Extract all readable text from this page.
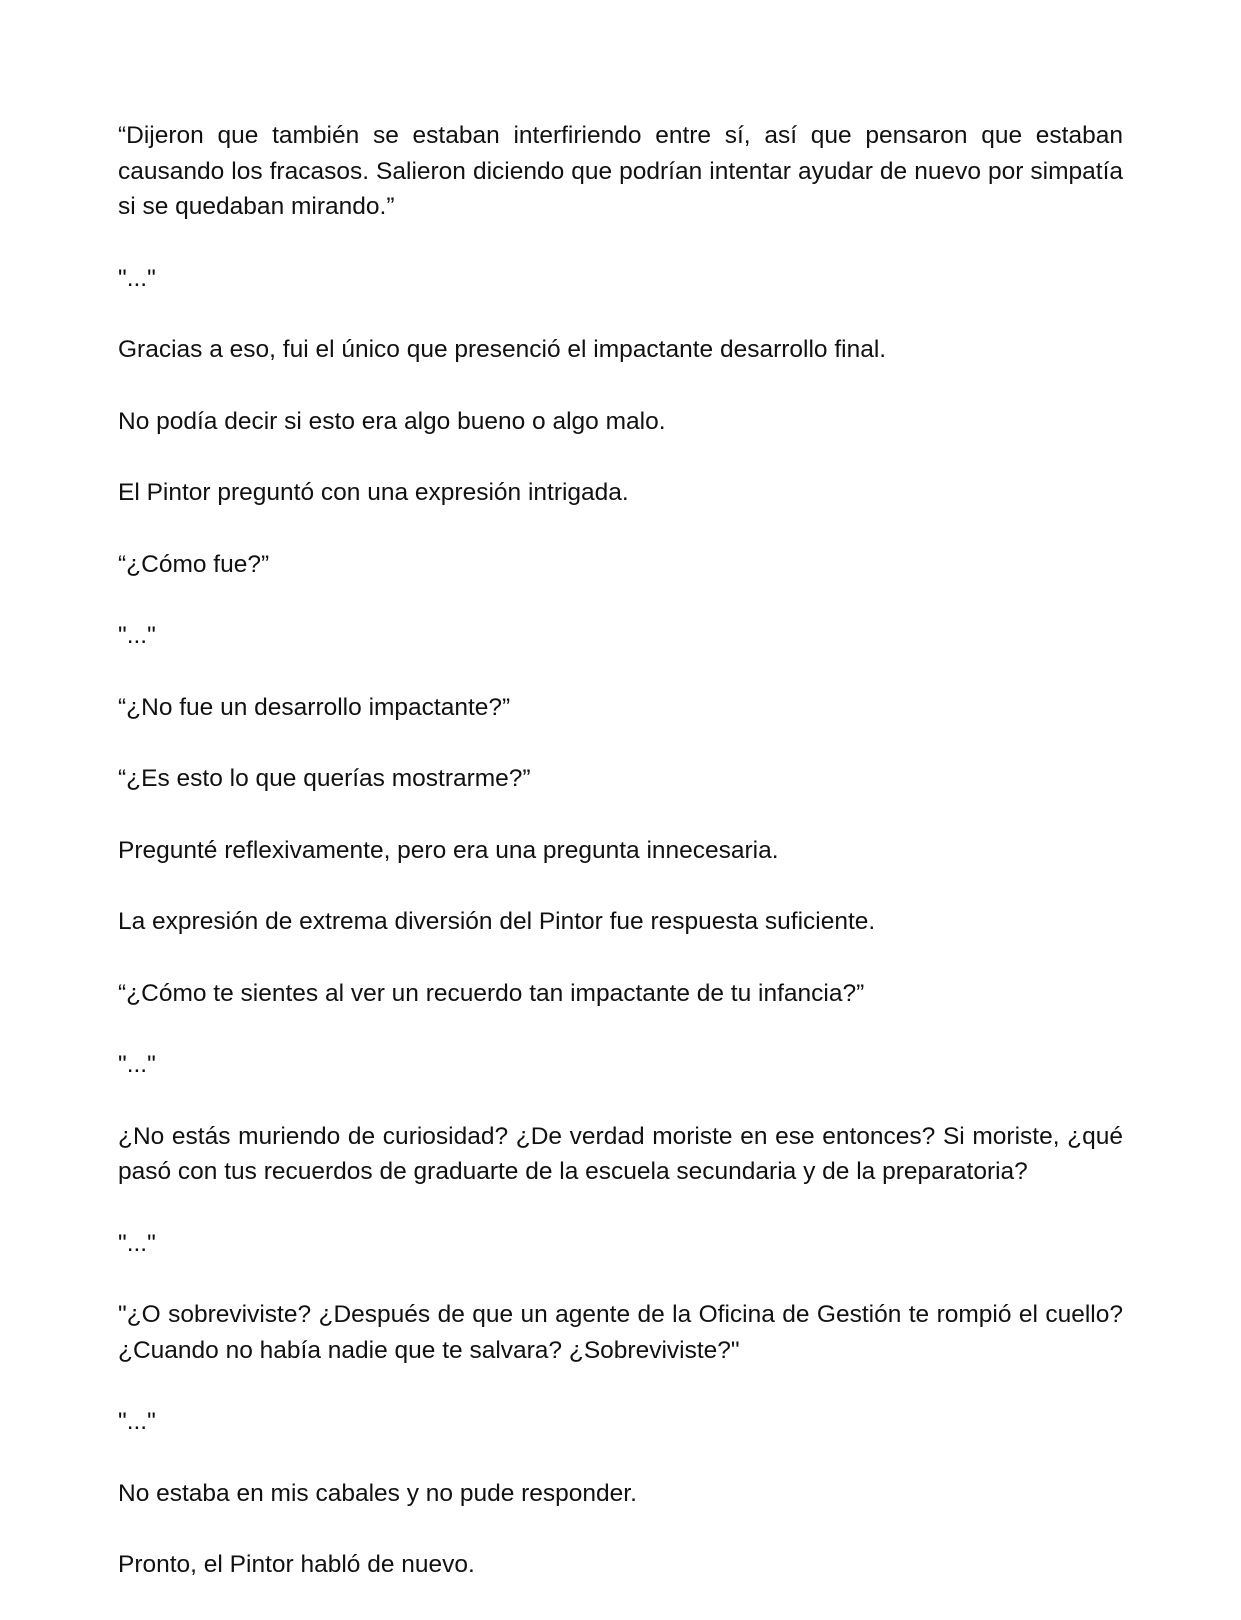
“Dijeron que también se estaban interfiriendo entre sí, así que pensaron que estaban causando los fracasos. Salieron diciendo que podrían intentar ayudar de nuevo por simpatía si se quedaban mirando.”

"..."

Gracias a eso, fui el único que presenció el impactante desarrollo final.

No podía decir si esto era algo bueno o algo malo.

El Pintor preguntó con una expresión intrigada.

“¿Cómo fue?”

"..."

“¿No fue un desarrollo impactante?”

“¿Es esto lo que querías mostrarme?”

Pregunté reflexivamente, pero era una pregunta innecesaria.

La expresión de extrema diversión del Pintor fue respuesta suficiente.

“¿Cómo te sientes al ver un recuerdo tan impactante de tu infancia?”

"..."

¿No estás muriendo de curiosidad? ¿De verdad moriste en ese entonces? Si moriste, ¿qué pasó con tus recuerdos de graduarte de la escuela secundaria y de la preparatoria?

"..."

"¿O sobreviviste? ¿Después de que un agente de la Oficina de Gestión te rompió el cuello? ¿Cuando no había nadie que te salvara? ¿Sobreviviste?"

"..."

No estaba en mis cabales y no pude responder.

Pronto, el Pintor habló de nuevo.
